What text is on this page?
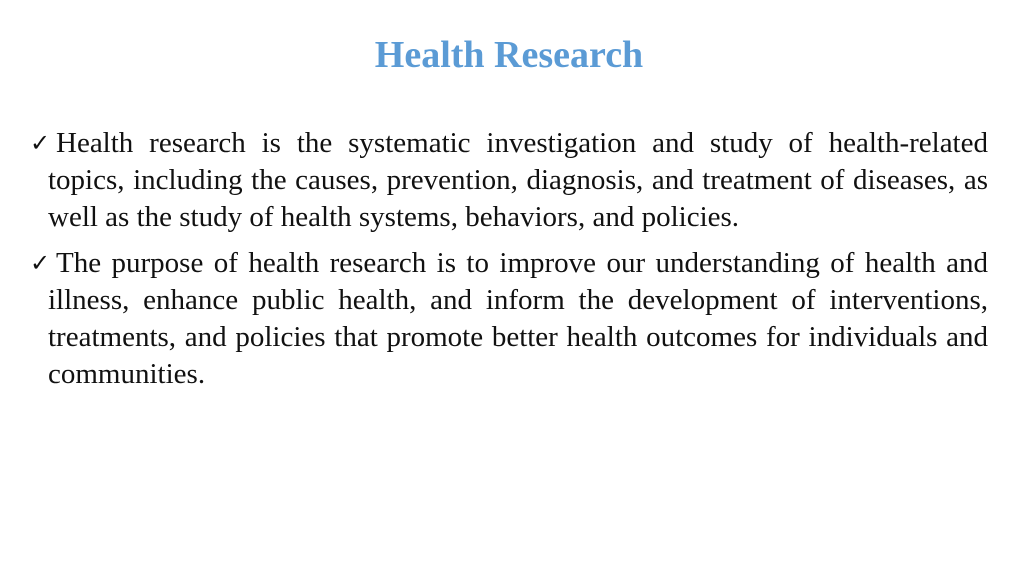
Health Research
✓ Health research is the systematic investigation and study of health-related topics, including the causes, prevention, diagnosis, and treatment of diseases, as well as the study of health systems, behaviors, and policies.
✓ The purpose of health research is to improve our understanding of health and illness, enhance public health, and inform the development of interventions, treatments, and policies that promote better health outcomes for individuals and communities.
